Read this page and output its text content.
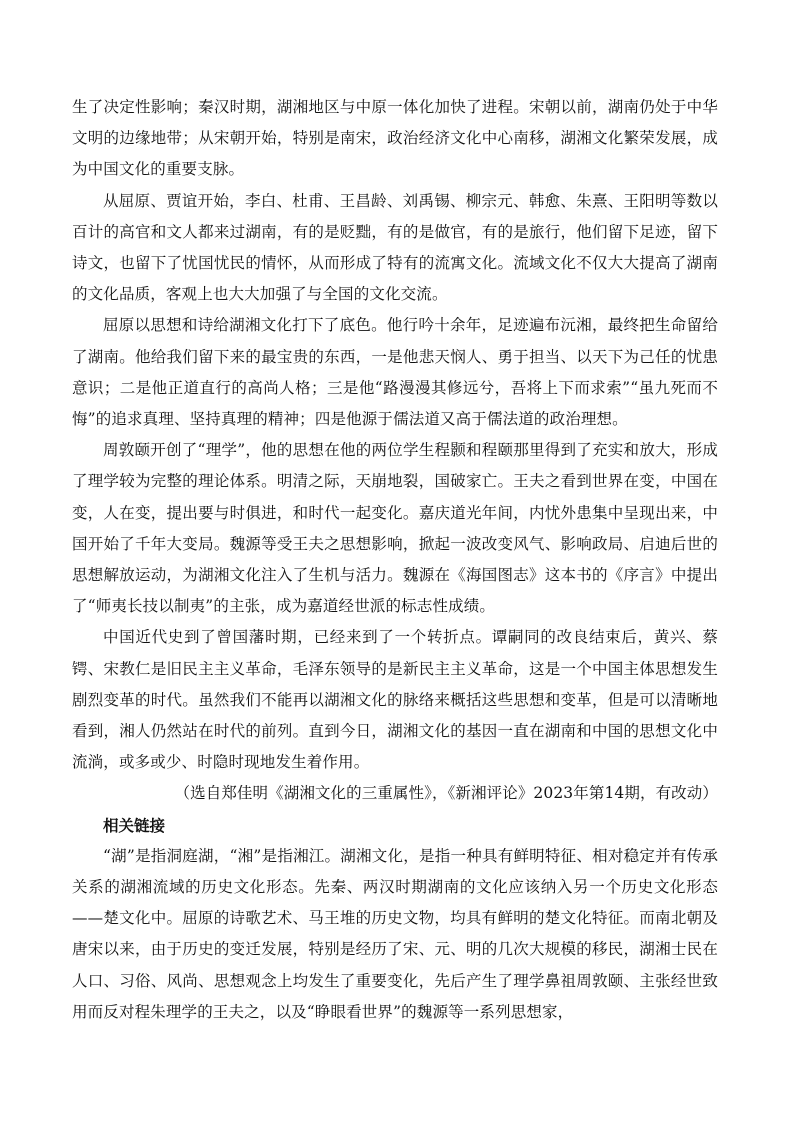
生了决定性影响；秦汉时期，湖湘地区与中原一体化加快了进程。宋朝以前，湖南仍处于中华文明的边缘地带；从宋朝开始，特别是南宋，政治经济文化中心南移，湖湘文化繁荣发展，成为中国文化的重要支脉。

从屈原、贾谊开始，李白、杜甫、王昌龄、刘禹锡、柳宗元、韩愈、朱熹、王阳明等数以百计的高官和文人都来过湖南，有的是贬黜，有的是做官，有的是旅行，他们留下足迹，留下诗文，也留下了忧国忧民的情怀，从而形成了特有的流寓文化。流域文化不仅大大提高了湖南的文化品质，客观上也大大加强了与全国的文化交流。

屈原以思想和诗给湖湘文化打下了底色。他行吟十余年，足迹遍布沅湘，最终把生命留给了湖南。他给我们留下来的最宝贵的东西，一是他悲天悯人、勇于担当、以天下为己任的忧患意识；二是他正道直行的高尚人格；三是他“路漫漫其修远兮，吾将上下而求索”“虽九死而不悔”的追求真理、坚持真理的精神；四是他源于儒法道又高于儒法道的政治理想。

周敦颐开创了“理学”，他的思想在他的两位学生程颢和程颐那里得到了充实和放大，形成了理学较为完整的理论体系。明清之际，天崩地裂，国破家亡。王夫之看到世界在变，中国在变，人在变，提出要与时俱进，和时代一起变化。嘉庆道光年间，内忧外患集中呈现出来，中国开始了千年大变局。魏源等受王夫之思想影响，掀起一波改变风气、影响政局、启迪后世的思想解放运动，为湖湘文化注入了生机与活力。魏源在《海国图志》这本书的《序言》中提出了“师夷长技以制夷”的主张，成为嘉道经世派的标志性成绩。

中国近代史到了曾国藩时期，已经来到了一个转折点。谭嗣同的改良结束后，黄兴、蔡锷、宋教仁是旧民主主义革命，毛泽东领导的是新民主主义革命，这是一个中国主体思想发生剧烈变革的时代。虽然我们不能再以湖湘文化的脉络来概括这些思想和变革，但是可以清晰地看到，湘人仍然站在时代的前列。直到今日，湖湘文化的基因一直在湖南和中国的思想文化中流淌，或多或少、时隐时现地发生着作用。

（选自郑佳明《湖湘文化的三重属性》，《新湘评论》2023年第14期，有改动）

相关链接

“湖”是指洞庭湖，“湘”是指湘江。湖湘文化，是指一种具有鲜明特征、相对稳定并有传承关系的湖湘流域的历史文化形态。先秦、两汉时期湖南的文化应该纳入另一个历史文化形态——楚文化中。屈原的诗歌艺术、马王堆的历史文物，均具有鲜明的楚文化特征。而南北朝及唐宋以来，由于历史的变迁发展，特别是经历了宋、元、明的几次大规模的移民，湖湘士民在人口、习俗、风尚、思想观念上均发生了重要变化，先后产生了理学鼻祖周敦颐、主张经世致用而反对程朱理学的王夫之，以及“睁眼看世界”的魏源等一系列思想家，
